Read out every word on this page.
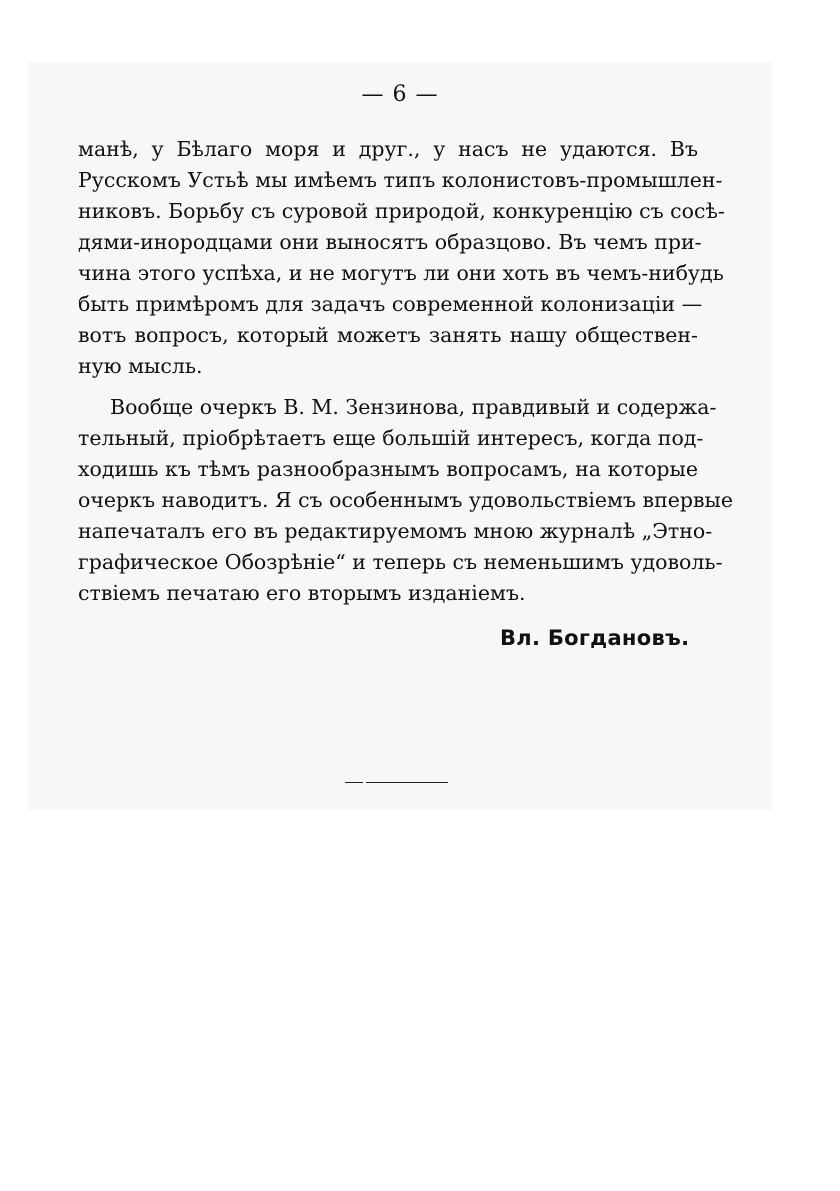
— 6 —
манѣ, у Бѣлаго моря и друг., у насъ не удаются. Въ
Русскомъ Устьѣ мы имѣемъ типъ колонистовъ-промышлен-
никовъ. Борьбу съ суровой природой, конкуренцію съ сосѣ-
дями-инородцами они выносятъ образцово. Въ чемъ при-
чина этого успѣха, и не могутъ ли они хоть въ чемъ-нибудь
быть примѣромъ для задачъ современной колонизаціи —
вотъ вопросъ, который можетъ занять нашу обществен-
ную мысль.
Вообще очеркъ В. М. Зензинова, правдивый и содержа-
тельный, пріобрѣтаетъ еще большій интересъ, когда под-
ходишь къ тѣмъ разнообразнымъ вопросамъ, на которые
очеркъ наводитъ. Я съ особеннымъ удовольствіемъ впервые
напечаталъ его въ редактируемомъ мною журналѣ „Этно-
графическое Обозрѣніе“ и теперь съ неменьшимъ удоволь-
ствіемъ печатаю его вторымъ изданіемъ.
Вл. Богдановъ.
